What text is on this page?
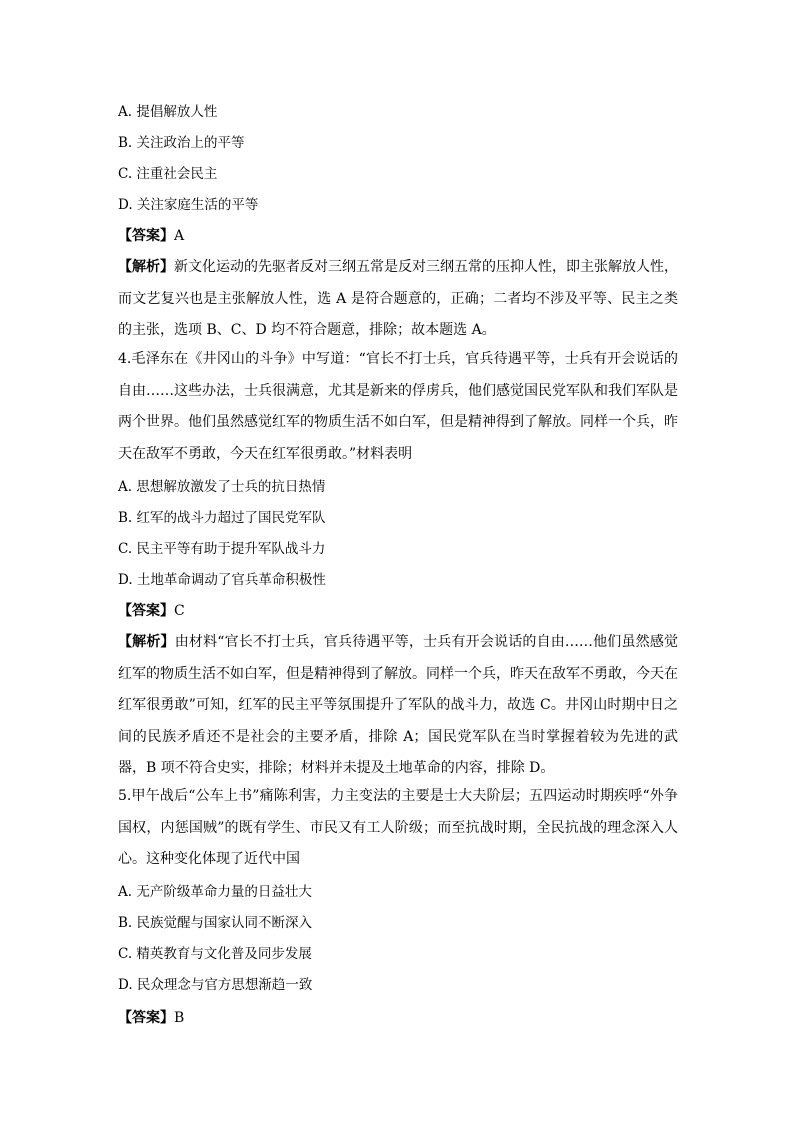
A. 提倡解放人性
B. 关注政治上的平等
C. 注重社会民主
D. 关注家庭生活的平等
【答案】A
【解析】新文化运动的先驱者反对三纲五常是反对三纲五常的压抑人性，即主张解放人性，而文艺复兴也是主张解放人性，选 A 是符合题意的，正确；二者均不涉及平等、民主之类的主张，选项 B、C、D 均不符合题意，排除；故本题选 A。
4.毛泽东在《井冈山的斗争》中写道：“官长不打士兵，官兵待遇平等，士兵有开会说话的自由……这些办法，士兵很满意，尤其是新来的俘虏兵，他们感觉国民党军队和我们军队是两个世界。他们虽然感觉红军的物质生活不如白军，但是精神得到了解放。同样一个兵，昨天在敌军不勇敢，今天在红军很勇敢。”材料表明
A. 思想解放激发了士兵的抗日热情
B. 红军的战斗力超过了国民党军队
C. 民主平等有助于提升军队战斗力
D. 土地革命调动了官兵革命积极性
【答案】C
【解析】由材料“官长不打士兵，官兵待遇平等，士兵有开会说话的自由……他们虽然感觉红军的物质生活不如白军，但是精神得到了解放。同样一个兵，昨天在敌军不勇敢，今天在红军很勇敢”可知，红军的民主平等氛围提升了军队的战斗力，故选 C。井冈山时期中日之间的民族矛盾还不是社会的主要矛盾，排除 A；国民党军队在当时掌握着较为先进的武器，B 项不符合史实，排除；材料并未提及土地革命的内容，排除 D。
5.甲午战后“公车上书”痛陈利害，力主变法的主要是士大夫阶层；五四运动时期疾呼“外争国权，内惩国贼”的既有学生、市民又有工人阶级；而至抗战时期，全民抗战的理念深入人心。这种变化体现了近代中国
A. 无产阶级革命力量的日益壮大
B. 民族觉醒与国家认同不断深入
C. 精英教育与文化普及同步发展
D. 民众理念与官方思想渐趋一致
【答案】B
